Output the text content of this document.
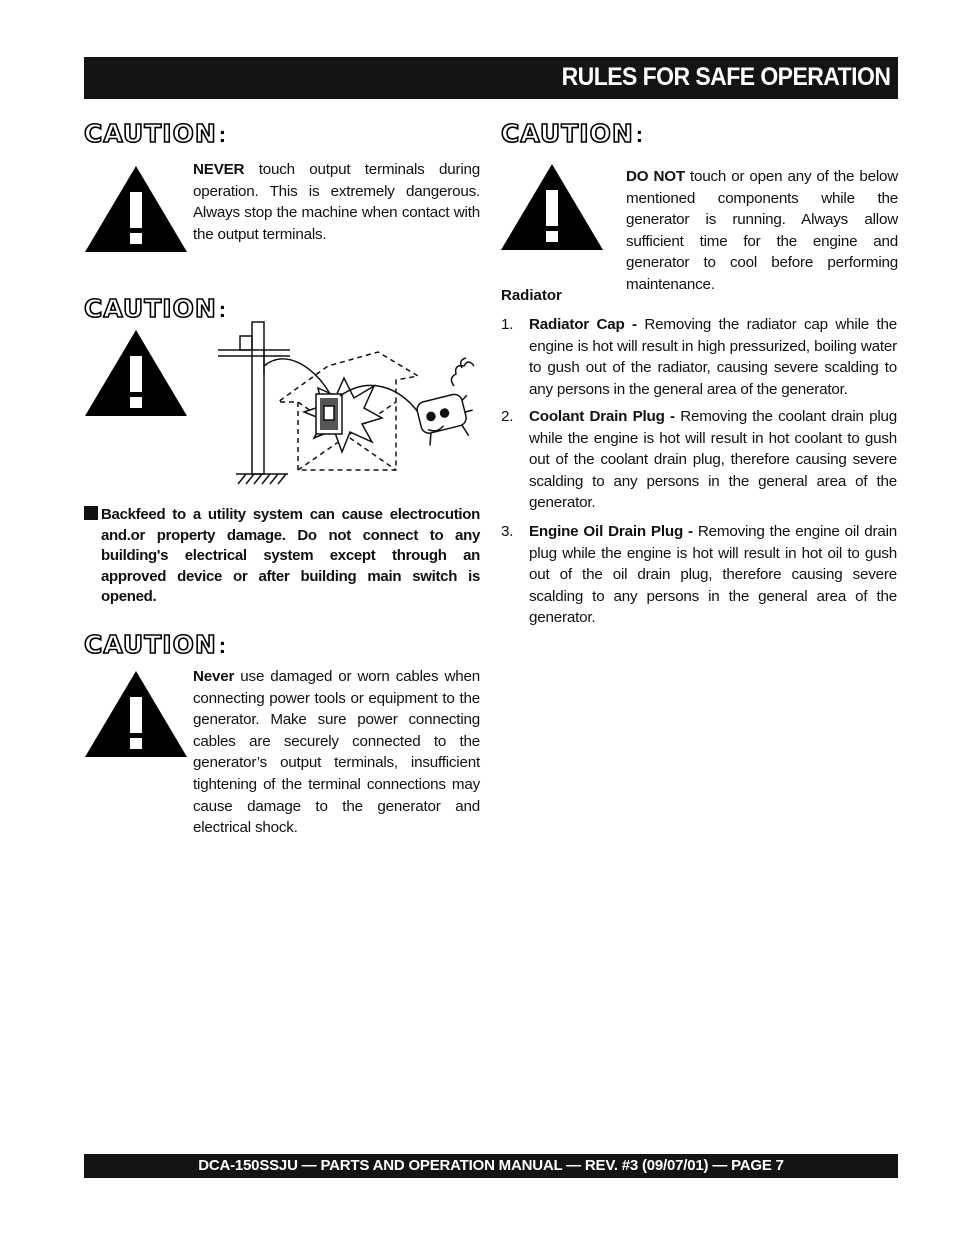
RULES FOR SAFE OPERATION
CAUTION:
NEVER touch output terminals during operation. This is extremely dangerous. Always stop the machine when contact with the output terminals.
CAUTION:
Backfeed to a utility system can cause electrocution and.or property damage. Do not connect to any building's electrical system except through an approved device or after building main switch is opened.
CAUTION:
Never use damaged or worn cables when connecting power tools or equipment to the generator. Make sure power connecting cables are securely connected to the generator’s output terminals, insufficient tightening of the terminal connections may cause damage to the generator and electrical shock.
CAUTION:
DO NOT touch or open any of the below mentioned components while the generator is running. Always allow sufficient time for the engine and generator to cool before performing maintenance.
Radiator
1. Radiator Cap - Removing the radiator cap while the engine is hot will result in high pressurized, boiling water to gush out of the radiator, causing severe scalding to any persons in the general area of the generator.
2. Coolant Drain Plug - Removing the coolant drain plug while the engine is hot will result in hot coolant to gush out of the coolant drain plug, therefore causing severe scalding to any persons in the general area of the generator.
3. Engine Oil Drain Plug - Removing the engine oil drain plug while the engine is hot will result in hot oil to gush out of the oil drain plug, therefore causing severe scalding to any persons in the general area of the generator.
DCA-150SSJU — PARTS AND OPERATION MANUAL — REV. #3 (09/07/01) — PAGE 7
